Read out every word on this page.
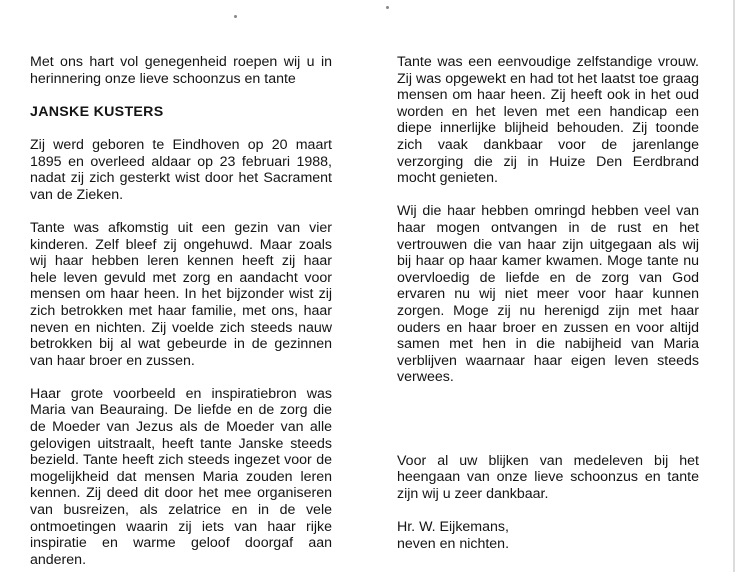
Met ons hart vol genegenheid roepen wij u in herinnering onze lieve schoonzus en tante

JANSKE KUSTERS

Zij werd geboren te Eindhoven op 20 maart 1895 en overleed aldaar op 23 februari 1988, nadat zij zich gesterkt wist door het Sacrament van de Zieken.

Tante was afkomstig uit een gezin van vier kinderen. Zelf bleef zij ongehuwd. Maar zoals wij haar hebben leren kennen heeft zij haar hele leven gevuld met zorg en aandacht voor mensen om haar heen. In het bijzonder wist zij zich betrokken met haar familie, met ons, haar neven en nichten. Zij voelde zich steeds nauw betrokken bij al wat gebeurde in de gezinnen van haar broer en zussen.

Haar grote voorbeeld en inspiratiebron was Maria van Beauraing. De liefde en de zorg die de Moeder van Jezus als de Moeder van alle gelovigen uitstraalt, heeft tante Janske steeds bezield. Tante heeft zich steeds ingezet voor de mogelijkheid dat mensen Maria zouden leren kennen. Zij deed dit door het mee organiseren van busreizen, als zelatrice en in de vele ontmoetingen waarin zij iets van haar rijke inspiratie en warme geloof doorgaf aan anderen.

Tante was een eenvoudige zelfstandige vrouw. Zij was opgewekt en had tot het laatst toe graag mensen om haar heen. Zij heeft ook in het oud worden en het leven met een handicap een diepe innerlijke blijheid behouden. Zij toonde zich vaak dankbaar voor de jarenlange verzorging die zij in Huize Den Eerdbrand mocht genieten.

Wij die haar hebben omringd hebben veel van haar mogen ontvangen in de rust en het vertrouwen die van haar zijn uitgegaan als wij bij haar op haar kamer kwamen. Moge tante nu overvloedig de liefde en de zorg van God ervaren nu wij niet meer voor haar kunnen zorgen. Moge zij nu herenigd zijn met haar ouders en haar broer en zussen en voor altijd samen met hen in die nabijheid van Maria verblijven waarnaar haar eigen leven steeds verwees.

Voor al uw blijken van medeleven bij het heengaan van onze lieve schoonzus en tante zijn wij u zeer dankbaar.

Hr. W. Eijkemans,

neven en nichten.
